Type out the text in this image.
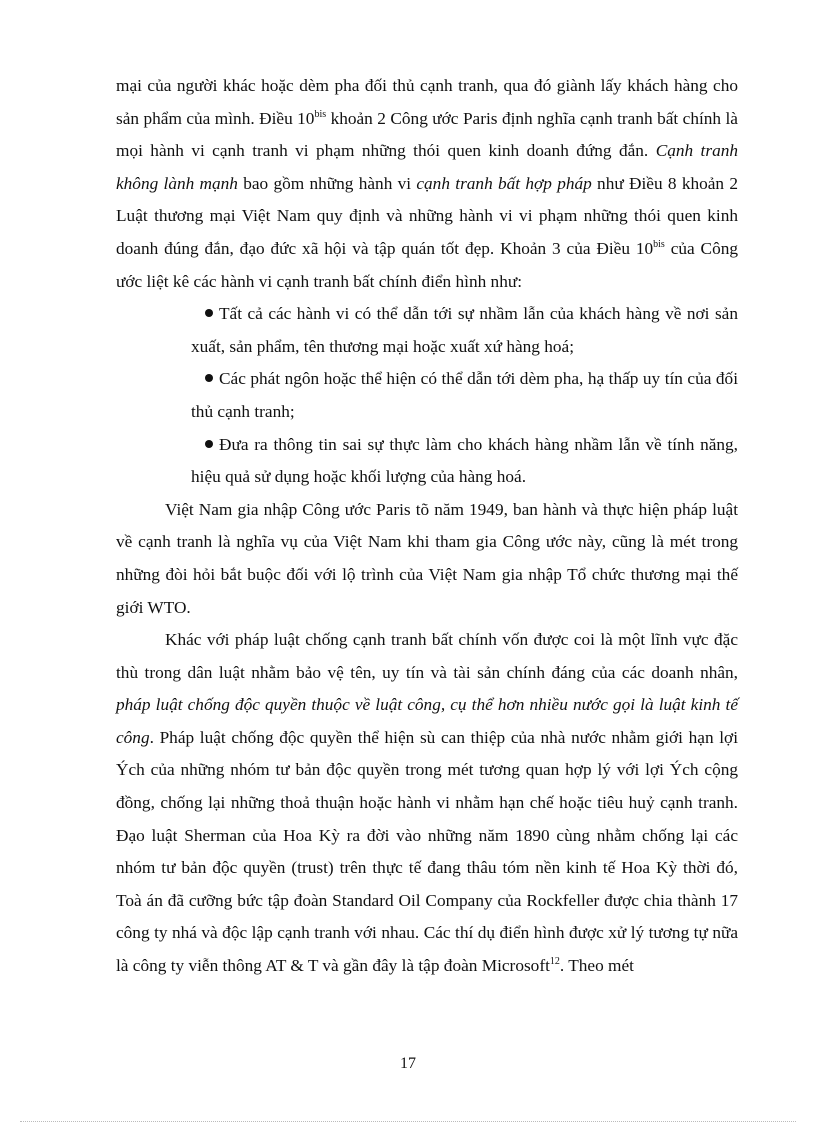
mại của người khác hoặc dèm pha đối thủ cạnh tranh, qua đó giành lấy khách hàng cho sản phẩm của mình. Điều $10^{bis}$ khoản 2 Công ước Paris định nghĩa cạnh tranh bất chính là mọi hành vi cạnh tranh vi phạm những thói quen kinh doanh đứng đắn. Cạnh tranh không lành mạnh bao gồm những hành vi cạnh tranh bất hợp pháp như Điều 8 khoản 2 Luật thương mại Việt Nam quy định và những hành vi vi phạm những thói quen kinh doanh đúng đắn, đạo đức xã hội và tập quán tốt đẹp. Khoản 3 của Điều $10^{bis}$ của Công ước liệt kê các hành vi cạnh tranh bất chính điển hình như:

Tất cả các hành vi có thể dẫn tới sự nhầm lẫn của khách hàng về nơi sản xuất, sản phẩm, tên thương mại hoặc xuất xứ hàng hoá;
Các phát ngôn hoặc thể hiện có thể dẫn tới dèm pha, hạ thấp uy tín của đối thủ cạnh tranh;
Đưa ra thông tin sai sự thực làm cho khách hàng nhầm lẫn về tính năng, hiệu quả sử dụng hoặc khối lượng của hàng hoá.

Việt Nam gia nhập Công ước Paris tõ năm 1949, ban hành và thực hiện pháp luật về cạnh tranh là nghĩa vụ của Việt Nam khi tham gia Công ước này, cũng là mét trong những đòi hỏi bắt buộc đối với lộ trình của Việt Nam gia nhập Tổ chức thương mại thế giới WTO.

Khác với pháp luật chống cạnh tranh bất chính vốn được coi là một lĩnh vực đặc thù trong dân luật nhằm bảo vệ tên, uy tín và tài sản chính đáng của các doanh nhân, pháp luật chống độc quyền thuộc về luật công, cụ thể hơn nhiều nước gọi là luật kinh tế công. Pháp luật chống độc quyền thể hiện sù can thiệp của nhà nước nhằm giới hạn lợi Ých của những nhóm tư bản độc quyền trong mét tương quan hợp lý với lợi Ých cộng đồng, chống lại những thoả thuận hoặc hành vi nhằm hạn chế hoặc tiêu huỷ cạnh tranh. Đạo luật Sherman của Hoa Kỳ ra đời vào những năm 1890 cùng nhằm chống lại các nhóm tư bản độc quyền (trust) trên thực tế đang thâu tóm nền kinh tế Hoa Kỳ thời đó, Toà án đã cưỡng bức tập đoàn Standard Oil Company của Rockfeller được chia thành 17 công ty nhá và độc lập cạnh tranh với nhau. Các thí dụ điển hình được xử lý tương tự nữa là công ty viễn thông AT & T và gần đây là tập đoàn Microsoft$^{12}$. Theo mét

17
